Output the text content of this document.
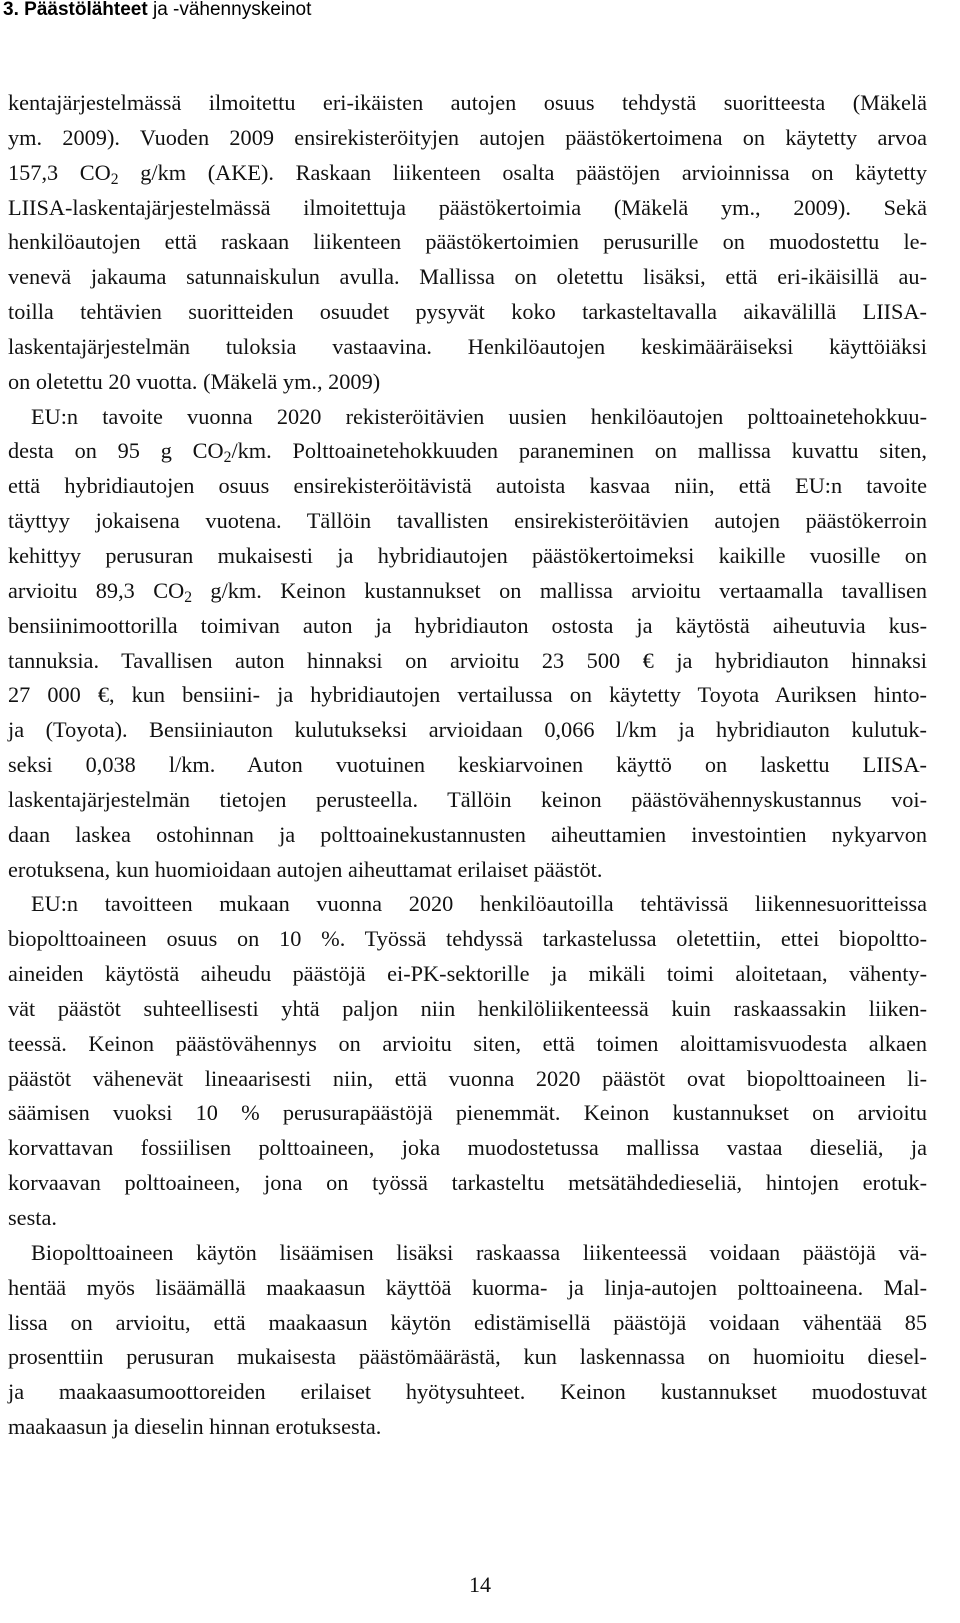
3. Päästölähteet ja -vähennyskeinot
kentajärjestelmässä ilmoitettu eri-ikäisten autojen osuus tehdystä suoritteesta (Mäkelä
ym. 2009). Vuoden 2009 ensirekisteröityjen autojen päästökertoimena on käytetty arvoa
157,3 $CO_2$ g/km (AKE). Raskaan liikenteen osalta päästöjen arvioinnissa on käytetty
LIISA-laskentajärjestelmässä ilmoitettuja päästökertoimia (Mäkelä ym., 2009). Sekä
henkilöautojen että raskaan liikenteen päästökertoimien perusurille on muodostettu le-
venevä jakauma satunnaiskulun avulla. Mallissa on oletettu lisäksi, että eri-ikäisillä au-
toilla tehtävien suoritteiden osuudet pysyvät koko tarkasteltavalla aikavälillä LIISA-
laskentajärjestelmän tuloksia vastaavina. Henkilöautojen keskimääräiseksi käyttöiäksi
on oletettu 20 vuotta. (Mäkelä ym., 2009)
EU:n tavoite vuonna 2020 rekisteröitävien uusien henkilöautojen polttoainetehokkuu-
desta on 95 g $CO_2/km$. Polttoainetehokkuuden paraneminen on mallissa kuvattu siten,
että hybridiautojen osuus ensirekisteröitävistä autoista kasvaa niin, että EU:n tavoite
täyttyy jokaisena vuotena. Tällöin tavallisten ensirekisteröitävien autojen päästökerroin
kehittyy perusuran mukaisesti ja hybridiautojen päästökertoimeksi kaikille vuosille on
arvioitu 89,3 $CO_2$ g/km. Keinon kustannukset on mallissa arvioitu vertaamalla tavallisen
bensiinimoottorilla toimivan auton ja hybridiauton ostosta ja käytöstä aiheutuvia kus-
tannuksia. Tavallisen auton hinnaksi on arvioitu 23 500 € ja hybridiauton hinnaksi
27 000 €, kun bensiini- ja hybridiautojen vertailussa on käytetty Toyota Auriksen hinto-
ja (Toyota). Bensiiniauton kulutukseksi arvioidaan 0,066 l/km ja hybridiauton kulutuk-
seksi 0,038 l/km. Auton vuotuinen keskiarvoinen käyttö on laskettu LIISA-
laskentajärjestelmän tietojen perusteella. Tällöin keinon päästövähennyskustannus voi-
daan laskea ostohinnan ja polttoainekustannusten aiheuttamien investointien nykyarvon
erotuksena, kun huomioidaan autojen aiheuttamat erilaiset päästöt.
EU:n tavoitteen mukaan vuonna 2020 henkilöautoilla tehtävissä liikennesuoritteissa
biopolttoaineen osuus on 10 %. Työssä tehdyssä tarkastelussa oletettiin, ettei biopoltto-
aineiden käytöstä aiheudu päästöjä ei-PK-sektorille ja mikäli toimi aloitetaan, vähenty-
vät päästöt suhteellisesti yhtä paljon niin henkilöliikenteessä kuin raskaassakin liiken-
teessä. Keinon päästövähennys on arvioitu siten, että toimen aloittamisvuodesta alkaen
päästöt vähenevät lineaarisesti niin, että vuonna 2020 päästöt ovat biopolttoaineen li-
säämisen vuoksi 10 % perusurapäästöjä pienemmät. Keinon kustannukset on arvioitu
korvattavan fossiilisen polttoaineen, joka muodostetussa mallissa vastaa dieseliä, ja
korvaavan polttoaineen, jona on työssä tarkasteltu metsätähdedieseliä, hintojen erotuk-
sesta.
Biopolttoaineen käytön lisäämisen lisäksi raskaassa liikenteessä voidaan päästöjä vä-
hentää myös lisäämällä maakaasun käyttöä kuorma- ja linja-autojen polttoaineena. Mal-
lissa on arvioitu, että maakaasun käytön edistämisellä päästöjä voidaan vähentää 85
prosenttiin perusuran mukaisesta päästömäärästä, kun laskennassa on huomioitu diesel-
ja maakaasumoottoreiden erilaiset hyötysuhteet. Keinon kustannukset muodostuvat
maakaasun ja dieselin hinnan erotuksesta.
14
